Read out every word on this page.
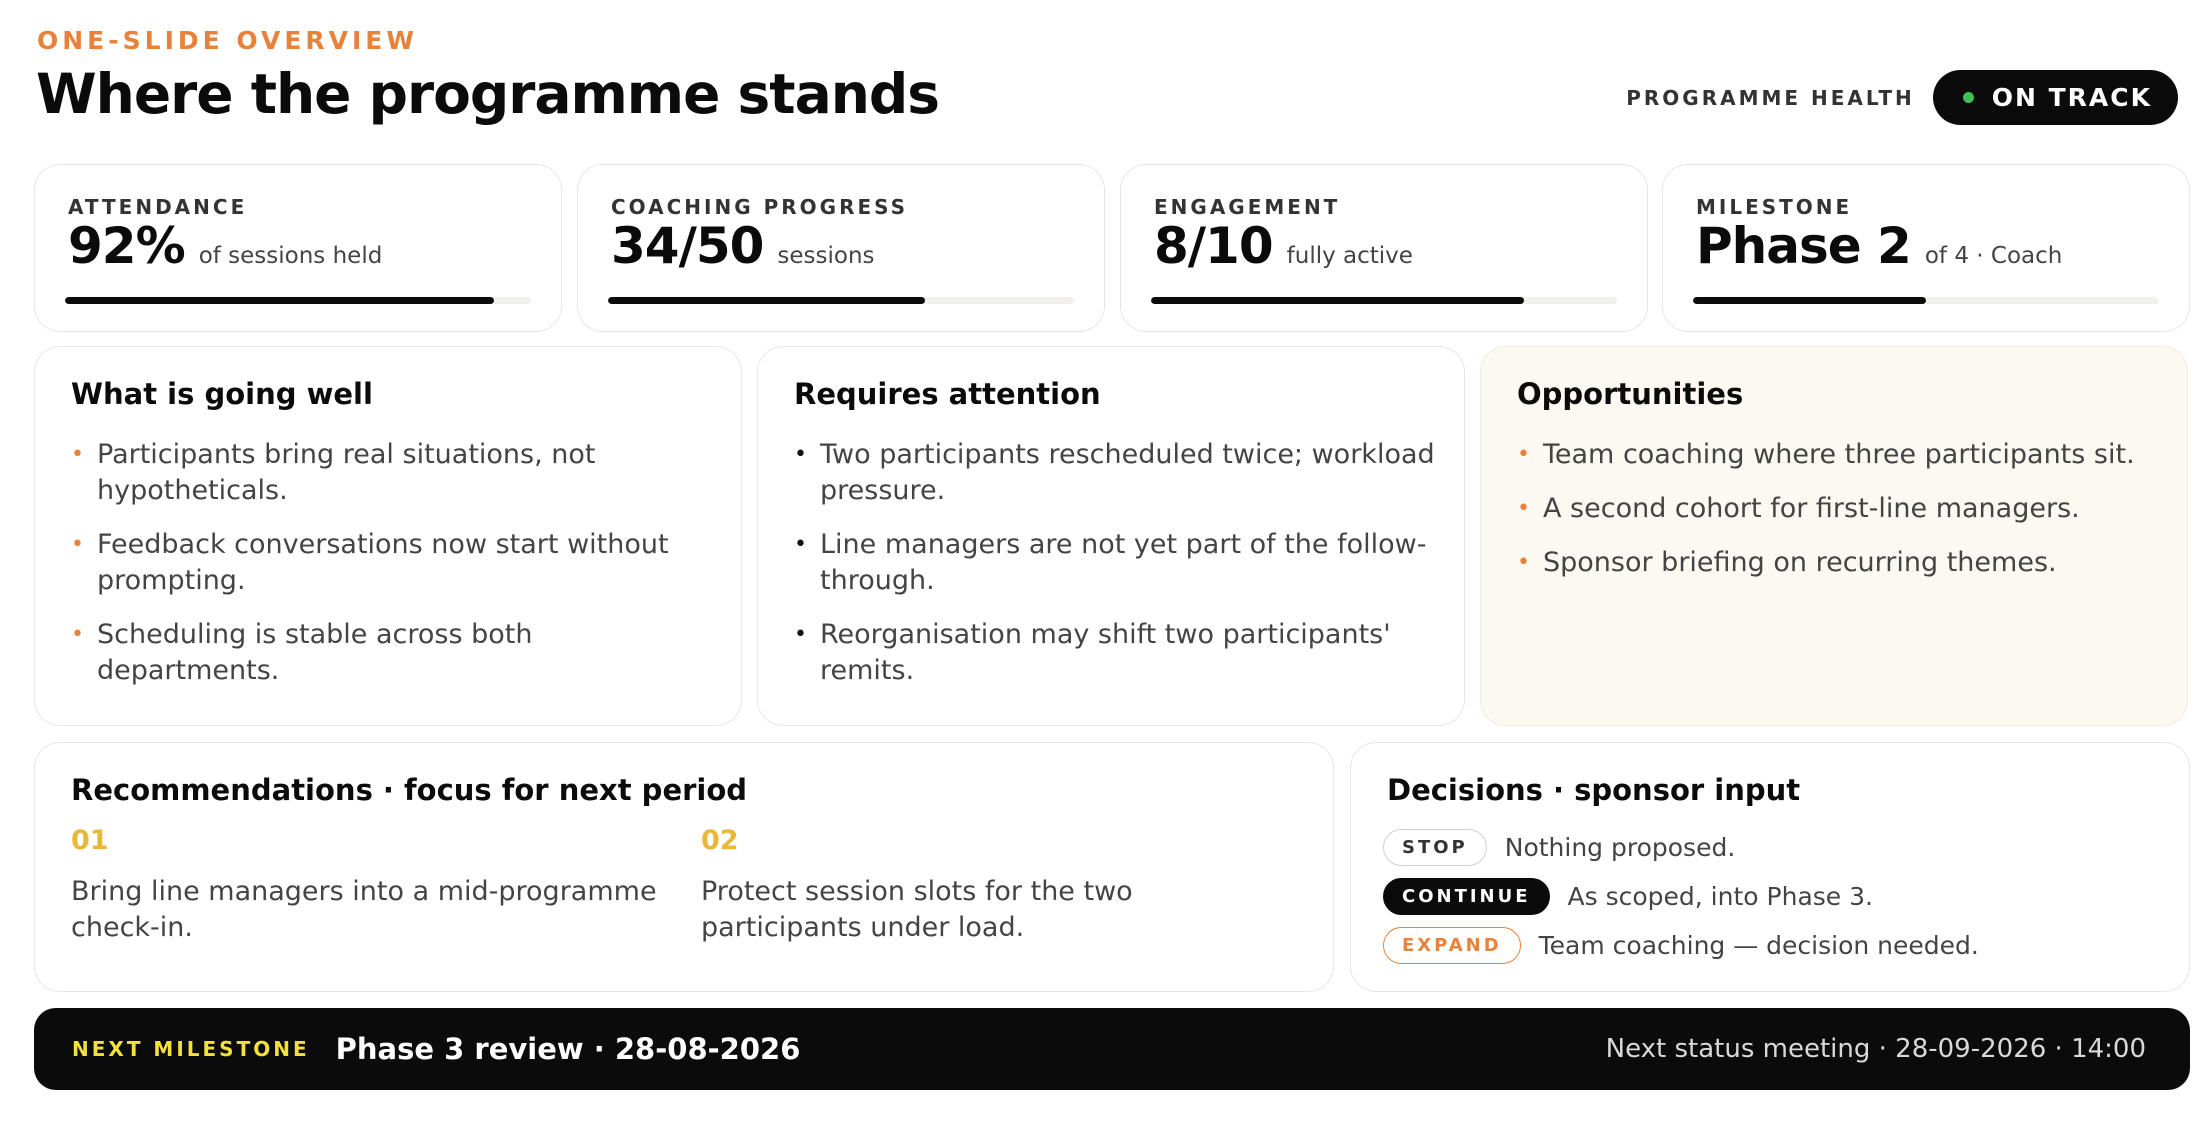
ONE-SLIDE OVERVIEW
Where the programme stands	PROGRAMME HEALTH	ON TRACK
ATTENDANCE
92% of sessions held
COACHING PROGRESS
34/50 sessions
ENGAGEMENT
8/10 fully active
MILESTONE
Phase 2 of 4 · Coach
What is going well
• Participants bring real situations, not hypotheticals.
• Feedback conversations now start without prompting.
• Scheduling is stable across both departments.
Requires attention
• Two participants rescheduled twice; workload pressure.
• Line managers are not yet part of the follow-through.
• Reorganisation may shift two participants' remits.
Opportunities
• Team coaching where three participants sit.
• A second cohort for first-line managers.
• Sponsor briefing on recurring themes.
Recommendations · focus for next period
01
Bring line managers into a mid-programme check-in.
02
Protect session slots for the two participants under load.
Decisions · sponsor input
STOP	Nothing proposed.
CONTINUE	As scoped, into Phase 3.
EXPAND	Team coaching — decision needed.
NEXT MILESTONE Phase 3 review · 28-08-2026	Next status meeting · 28-09-2026 · 14:00
